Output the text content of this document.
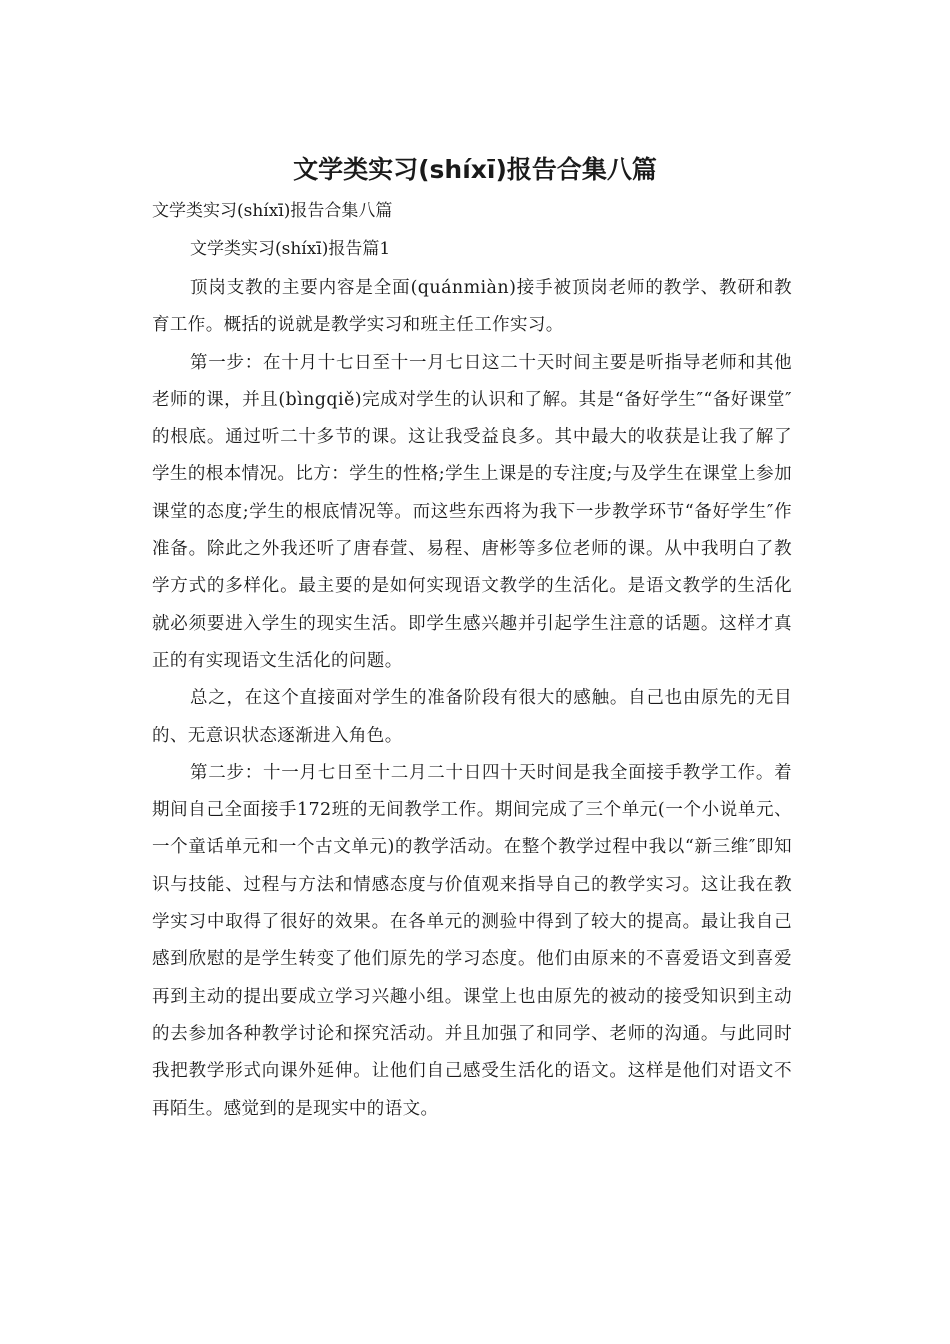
文学类实习(shíxī)报告合集八篇

文学类实习(shíxī)报告合集八篇

文学类实习(shíxī)报告篇1

顶岗支教的主要内容是全面(quánmiàn)接手被顶岗老师的教学、教研和教育工作。概括的说就是教学实习和班主任工作实习。

第一步：在十月十七日至十一月七日这二十天时间主要是听指导老师和其他老师的课，并且(bìngqiě)完成对学生的认识和了解。其是“备好学生″“备好课堂″的根底。通过听二十多节的课。这让我受益良多。其中最大的收获是让我了解了学生的根本情况。比方：学生的性格;学生上课是的专注度;与及学生在课堂上参加课堂的态度;学生的根底情况等。而这些东西将为我下一步教学环节“备好学生″作准备。除此之外我还听了唐春萱、易程、唐彬等多位老师的课。从中我明白了教学方式的多样化。最主要的是如何实现语文教学的生活化。是语文教学的生活化就必须要进入学生的现实生活。即学生感兴趣并引起学生注意的话题。这样才真正的有实现语文生活化的问题。

总之，在这个直接面对学生的准备阶段有很大的感触。自己也由原先的无目的、无意识状态逐渐进入角色。

第二步：十一月七日至十二月二十日四十天时间是我全面接手教学工作。着期间自己全面接手172班的无间教学工作。期间完成了三个单元(一个小说单元、一个童话单元和一个古文单元)的教学活动。在整个教学过程中我以“新三维″即知识与技能、过程与方法和情感态度与价值观来指导自己的教学实习。这让我在教学实习中取得了很好的效果。在各单元的测验中得到了较大的提高。最让我自己感到欣慰的是学生转变了他们原先的学习态度。他们由原来的不喜爱语文到喜爱再到主动的提出要成立学习兴趣小组。课堂上也由原先的被动的接受知识到主动的去参加各种教学讨论和探究活动。并且加强了和同学、老师的沟通。与此同时我把教学形式向课外延伸。让他们自己感受生活化的语文。这样是他们对语文不再陌生。感觉到的是现实中的语文。
